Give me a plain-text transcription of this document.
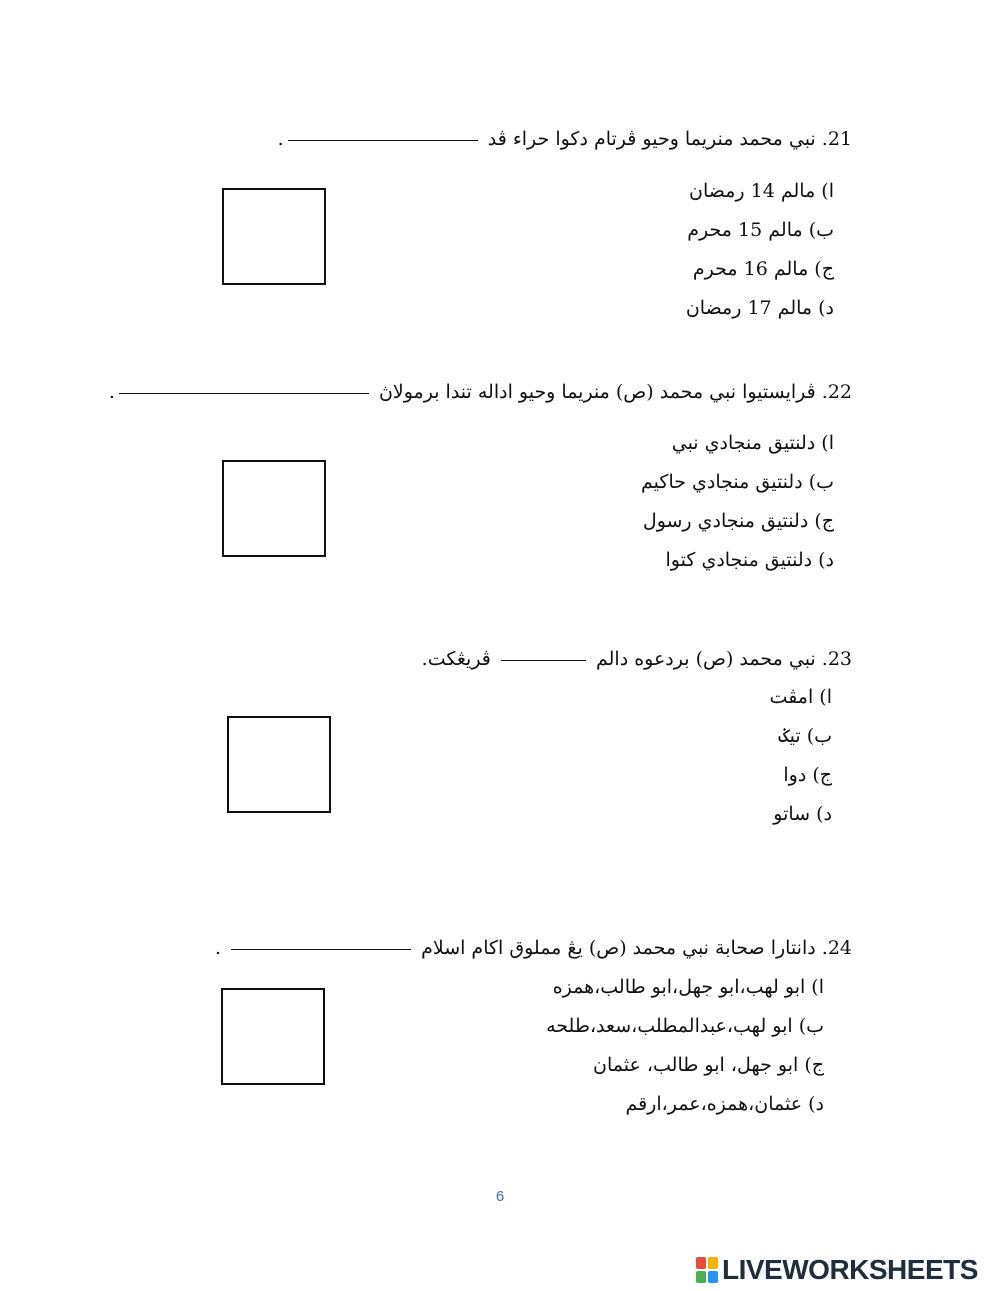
21. نبي محمد منريما وحيو ڤرتام دکوا حراء ڤد .
ا) مالم 14 رمضان
ب) مالم 15 محرم
ج) مالم 16 محرم
د) مالم 17 رمضان
22. ڤرايستيوا نبي محمد (ص) منريما وحيو اداله تندا برمولاڽ .
ا) دلنتيق منجادي نبي
ب) دلنتيق منجادي حاکيم
ج) دلنتيق منجادي رسول
د) دلنتيق منجادي کتوا
23. نبي محمد (ص) بردعوه دالم  ڤريڠکت.
ا) امڤت
ب) تيݢ
ج) دوا
د) ساتو
24. دانتارا صحابة نبي محمد (ص) يڠ مملوق اکام اسلام  .
ا) ابو لهب،ابو جهل،ابو طالب،همزه
ب) ابو لهب،عبدالمطلب،سعد،طلحه
ج) ابو جهل، ابو طالب، عثمان
د) عثمان،همزه،عمر،ارقم
6
LIVEWORKSHEETS
